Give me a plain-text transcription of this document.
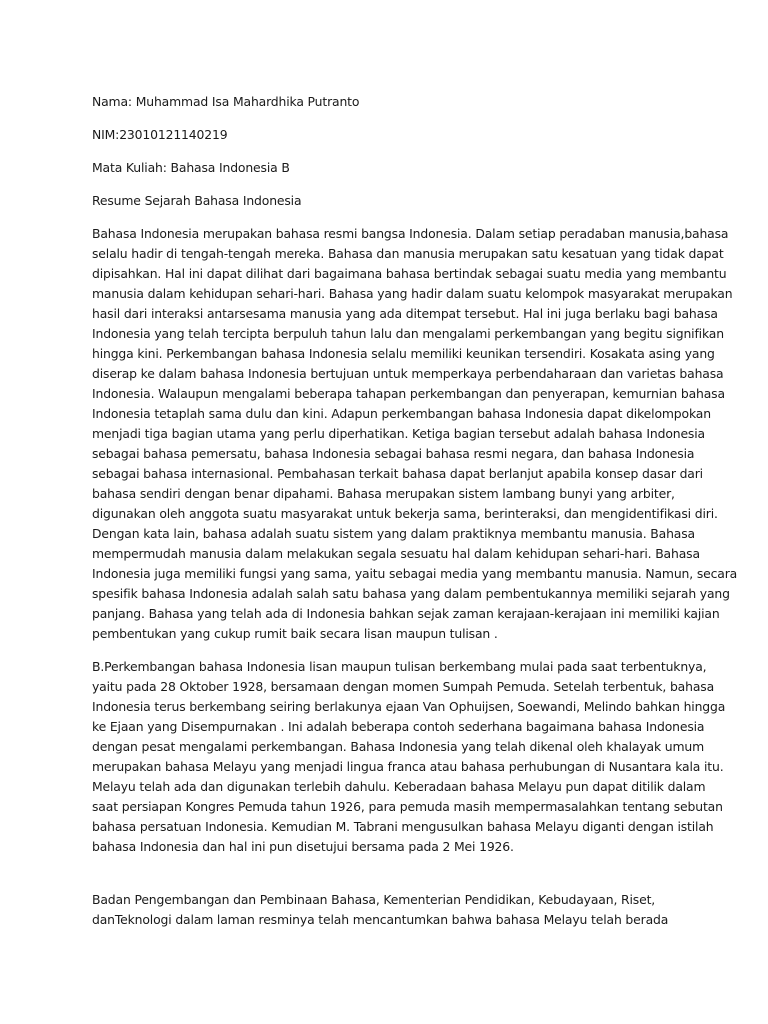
Nama: Muhammad Isa Mahardhika Putranto
NIM:23010121140219
Mata Kuliah: Bahasa Indonesia B
Resume Sejarah Bahasa Indonesia
Bahasa Indonesia merupakan bahasa resmi bangsa Indonesia. Dalam setiap peradaban manusia,bahasa
selalu hadir di tengah-tengah mereka. Bahasa dan manusia merupakan satu kesatuan yang tidak dapat
dipisahkan. Hal ini dapat dilihat dari bagaimana bahasa bertindak sebagai suatu media yang membantu
manusia dalam kehidupan sehari-hari. Bahasa yang hadir dalam suatu kelompok masyarakat merupakan
hasil dari interaksi antarsesama manusia yang ada ditempat tersebut. Hal ini juga berlaku bagi bahasa
Indonesia yang telah tercipta berpuluh tahun lalu dan mengalami perkembangan yang begitu signifikan
hingga kini. Perkembangan bahasa Indonesia selalu memiliki keunikan tersendiri. Kosakata asing yang
diserap ke dalam bahasa Indonesia bertujuan untuk memperkaya perbendaharaan dan varietas bahasa
Indonesia. Walaupun mengalami beberapa tahapan perkembangan dan penyerapan, kemurnian bahasa
Indonesia tetaplah sama dulu dan kini. Adapun perkembangan bahasa Indonesia dapat dikelompokan
menjadi tiga bagian utama yang perlu diperhatikan. Ketiga bagian tersebut adalah bahasa Indonesia
sebagai bahasa pemersatu, bahasa Indonesia sebagai bahasa resmi negara, dan bahasa Indonesia
sebagai bahasa internasional. Pembahasan terkait bahasa dapat berlanjut apabila konsep dasar dari
bahasa sendiri dengan benar dipahami. Bahasa merupakan sistem lambang bunyi yang arbiter,
digunakan oleh anggota suatu masyarakat untuk bekerja sama, berinteraksi, dan mengidentifikasi diri.
Dengan kata lain, bahasa adalah suatu sistem yang dalam praktiknya membantu manusia. Bahasa
mempermudah manusia dalam melakukan segala sesuatu hal dalam kehidupan sehari-hari. Bahasa
Indonesia juga memiliki fungsi yang sama, yaitu sebagai media yang membantu manusia. Namun, secara
spesifik bahasa Indonesia adalah salah satu bahasa yang dalam pembentukannya memiliki sejarah yang
panjang. Bahasa yang telah ada di Indonesia bahkan sejak zaman kerajaan-kerajaan ini memiliki kajian
pembentukan yang cukup rumit baik secara lisan maupun tulisan .
B.Perkembangan bahasa Indonesia lisan maupun tulisan berkembang mulai pada saat terbentuknya,
yaitu pada 28 Oktober 1928, bersamaan dengan momen Sumpah Pemuda. Setelah terbentuk, bahasa
Indonesia terus berkembang seiring berlakunya ejaan Van Ophuijsen, Soewandi, Melindo bahkan hingga
ke Ejaan yang Disempurnakan . Ini adalah beberapa contoh sederhana bagaimana bahasa Indonesia
dengan pesat mengalami perkembangan. Bahasa Indonesia yang telah dikenal oleh khalayak umum
merupakan bahasa Melayu yang menjadi lingua franca atau bahasa perhubungan di Nusantara kala itu.
Melayu telah ada dan digunakan terlebih dahulu. Keberadaan bahasa Melayu pun dapat ditilik dalam
saat persiapan Kongres Pemuda tahun 1926, para pemuda masih mempermasalahkan tentang sebutan
bahasa persatuan Indonesia. Kemudian M. Tabrani mengusulkan bahasa Melayu diganti dengan istilah
bahasa Indonesia dan hal ini pun disetujui bersama pada 2 Mei 1926.
Badan Pengembangan dan Pembinaan Bahasa, Kementerian Pendidikan, Kebudayaan, Riset,
danTeknologi dalam laman resminya telah mencantumkan bahwa bahasa Melayu telah berada
